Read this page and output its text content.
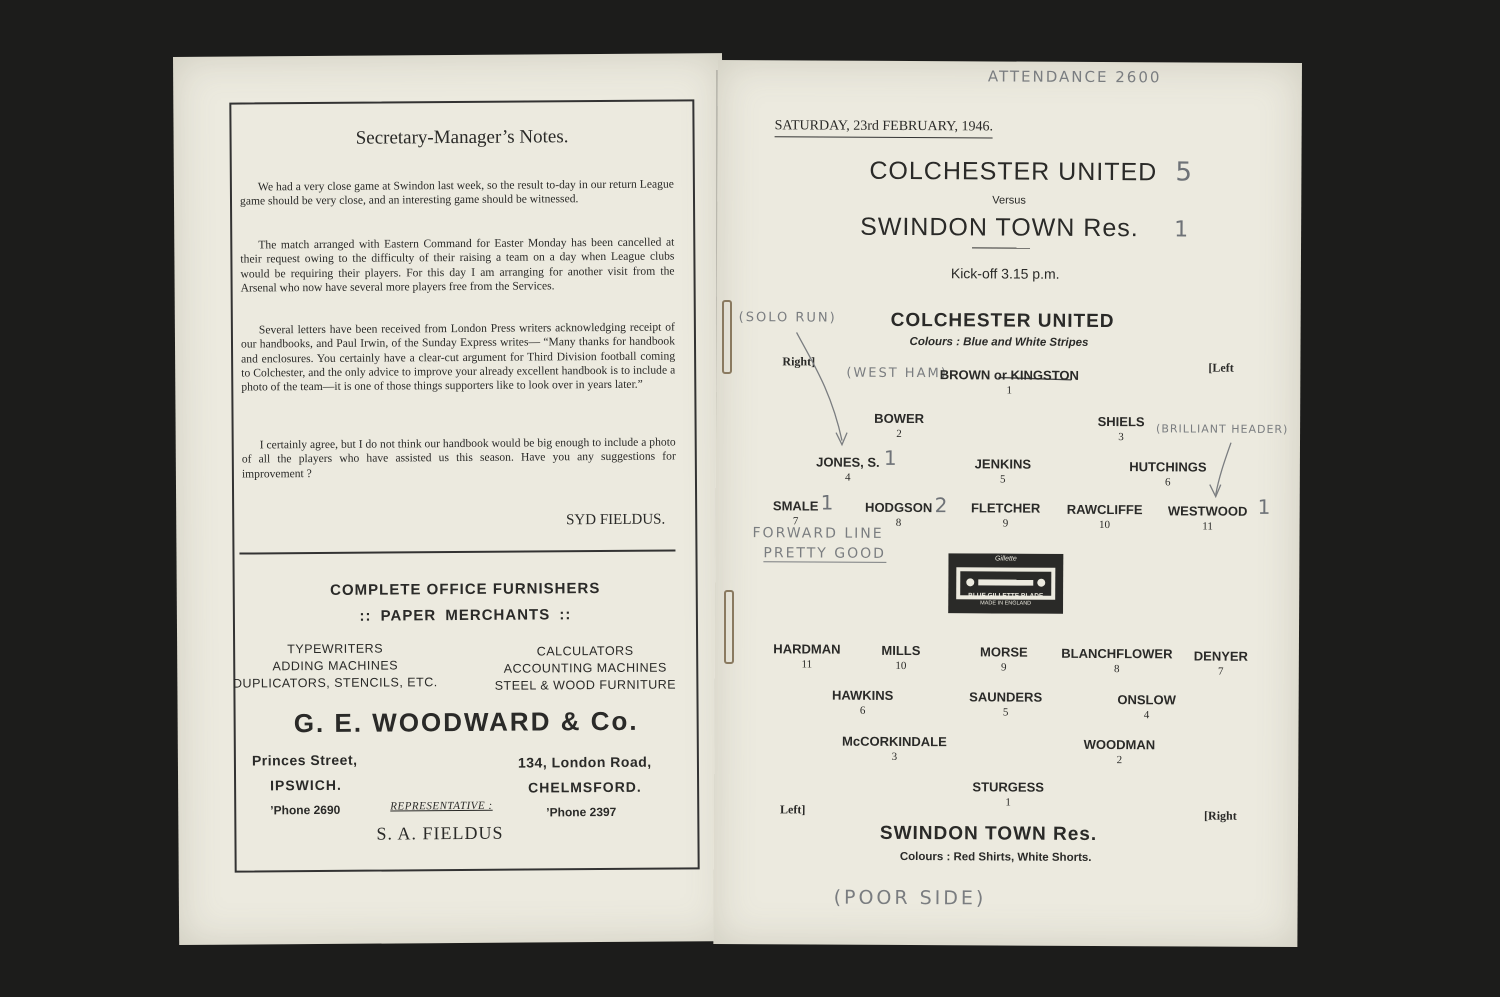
Secretary-Manager’s Notes.

We had a very close game at Swindon last week, so the result to-day in our return League game should be very close, and an interesting game should be witnessed.

The match arranged with Eastern Command for Easter Monday has been cancelled at their request owing to the difficulty of their raising a team on a day when League clubs would be requiring their players. For this day I am arranging for another visit from the Arsenal who now have several more players free from the Services.

Several letters have been received from London Press writers acknowledging receipt of our handbooks, and Paul Irwin, of the Sunday Express writes— “Many thanks for handbook and enclosures. You certainly have a clear-cut argument for Third Division football coming to Colchester, and the only advice to improve your already excellent handbook is to include a photo of the team—it is one of those things supporters like to look over in years later.”

I certainly agree, but I do not think our handbook would be big enough to include a photo of all the players who have assisted us this season. Have you any suggestions for improvement ?

SYD FIELDUS.
COMPLETE OFFICE FURNISHERS
:: PAPER MERCHANTS ::
TYPEWRITERS
ADDING MACHINES
DUPLICATORS, STENCILS, ETC.
CALCULATORS
ACCOUNTING MACHINES
STEEL & WOOD FURNITURE
G. E. WOODWARD & Co.
Princes Street,
IPSWICH.
’Phone 2690
134, London Road,
CHELMSFORD.
’Phone 2397
REPRESENTATIVE :
S. A. FIELDUS
ATTENDANCE 2600
SATURDAY, 23rd FEBRUARY, 1946.
COLCHESTER UNITED 5
Versus
SWINDON TOWN Res. 1
Kick-off 3.15 p.m.
COLCHESTER UNITED
Colours : Blue and White Stripes
Right]	[Left
(SOLO RUN)
(WEST HAM)
(BRILLIANT HEADER)
BROWN or KINGSTON
1
BOWER
2
SHIELS
3
JONES, S.
4
JENKINS
5
HUTCHINGS
6
SMALE
7
HODGSON
8
FLETCHER
9
RAWCLIFFE
10
WESTWOOD
11
1
1	2	1
FORWARD LINE
PRETTY GOOD	Gillette
BLUE GILLETTE BLADE
MADE IN ENGLAND
HARDMAN
11
MILLS
10
MORSE
9
BLANCHFLOWER
8
DENYER
7
HAWKINS
6
SAUNDERS
5
ONSLOW
4
McCORKINDALE
3
WOODMAN
2
STURGESS
1
Left]	[Right
SWINDON TOWN Res.
Colours : Red Shirts, White Shorts.
(POOR SIDE)
